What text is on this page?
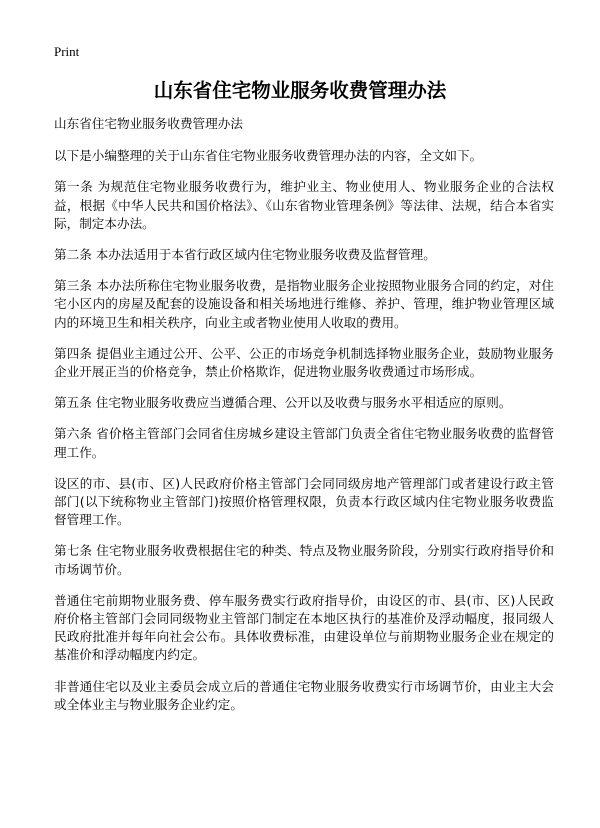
Print
山东省住宅物业服务收费管理办法

山东省住宅物业服务收费管理办法

以下是小编整理的关于山东省住宅物业服务收费管理办法的内容，全文如下。

第一条 为规范住宅物业服务收费行为，维护业主、物业使用人、物业服务企业的合法权益，根据《中华人民共和国价格法》、《山东省物业管理条例》等法律、法规，结合本省实际，制定本办法。

第二条 本办法适用于本省行政区域内住宅物业服务收费及监督管理。

第三条 本办法所称住宅物业服务收费，是指物业服务企业按照物业服务合同的约定，对住宅小区内的房屋及配套的设施设备和相关场地进行维修、养护、管理，维护物业管理区域内的环境卫生和相关秩序，向业主或者物业使用人收取的费用。

第四条 提倡业主通过公开、公平、公正的市场竞争机制选择物业服务企业，鼓励物业服务企业开展正当的价格竞争，禁止价格欺诈，促进物业服务收费通过市场形成。

第五条 住宅物业服务收费应当遵循合理、公开以及收费与服务水平相适应的原则。

第六条 省价格主管部门会同省住房城乡建设主管部门负责全省住宅物业服务收费的监督管理工作。

设区的市、县(市、区)人民政府价格主管部门会同同级房地产管理部门或者建设行政主管部门(以下统称物业主管部门)按照价格管理权限，负责本行政区域内住宅物业服务收费监督管理工作。

第七条 住宅物业服务收费根据住宅的种类、特点及物业服务阶段，分别实行政府指导价和市场调节价。

普通住宅前期物业服务费、停车服务费实行政府指导价，由设区的市、县(市、区)人民政府价格主管部门会同同级物业主管部门制定在本地区执行的基准价及浮动幅度，报同级人民政府批准并每年向社会公布。具体收费标准，由建设单位与前期物业服务企业在规定的基准价和浮动幅度内约定。

非普通住宅以及业主委员会成立后的普通住宅物业服务收费实行市场调节价，由业主大会或全体业主与物业服务企业约定。
